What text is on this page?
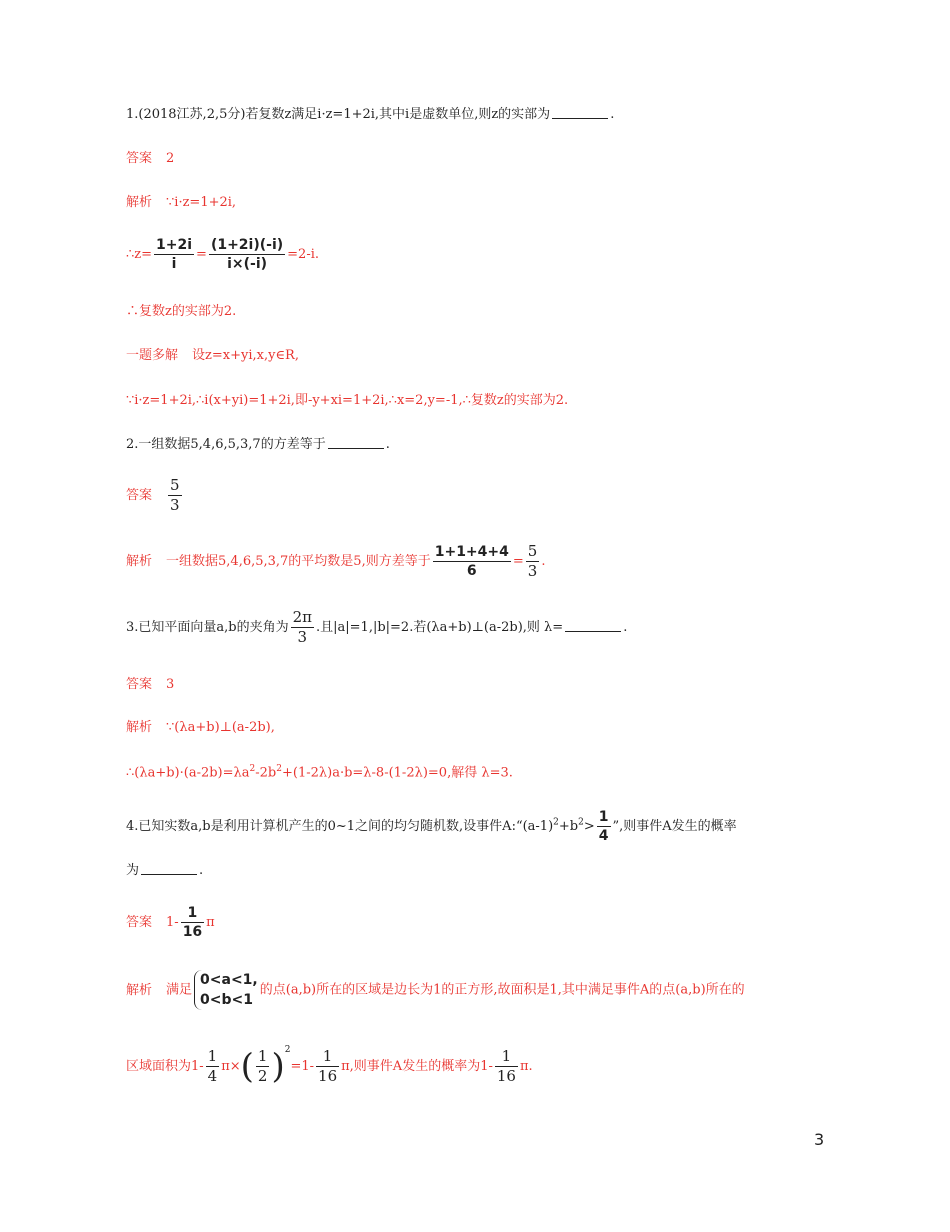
1.(2018江苏,2,5分)若复数z满足i·z=1+2i,其中i是虚数单位,则z的实部为	.
答案 2
解析 ∵i·z=1+2i,
∴z= $\frac{1+2i}{i} = \frac{(1+2i)(-i)}{i\times(-i)} =2-i$.
∴复数z的实部为2.
一题多解 设z=x+yi,x,y∈R,
∵i·z=1+2i,∴i(x+yi)=1+2i,即-y+xi=1+2i,∴x=2,y=-1,∴复数z的实部为2.
2.一组数据5,4,6,5,3,7的方差等于	.
答案 $\frac{5}{3}$
解析 一组数据5,4,6,5,3,7的平均数是5,则方差等于 $\frac{1+1+4+4}{6} = \frac{5}{3}$ .
3.已知平面向量a,b的夹角为 $\frac{2\pi}{3}$ .且|a|=1,|b|=2.若(λa+b)⊥(a-2b),则 λ=	.
答案 3
解析 ∵(λa+b)⊥(a-2b),
$\therefore(\lambda a+b)\cdot(a-2b)=\lambda a^2-2b^2+(1-2\lambda)a\cdot b=\lambda-8-(1-2\lambda)=0$,解得 λ=3.
4.已知实数a,b是利用计算机产生的0~1之间的均匀随机数,设事件$A:“(a-1)^2+b^2> \frac{1}{4}$ ”,则事件A发生的概率
为	.
答案 $1- \frac{1}{16}$ π
解析 满足
0<a<1,
0<b<1
的点(a,b)所在的区域是边长为1的正方形,故面积是1,其中满足事件A的点(a,b)所在的
区域面积为$1- \frac{1}{4} \pi\times( \frac{1}{2} )^2=1- \frac{1}{16} \pi$,则事件A发生的概率为$1- \frac{1}{16} \pi$.
3
